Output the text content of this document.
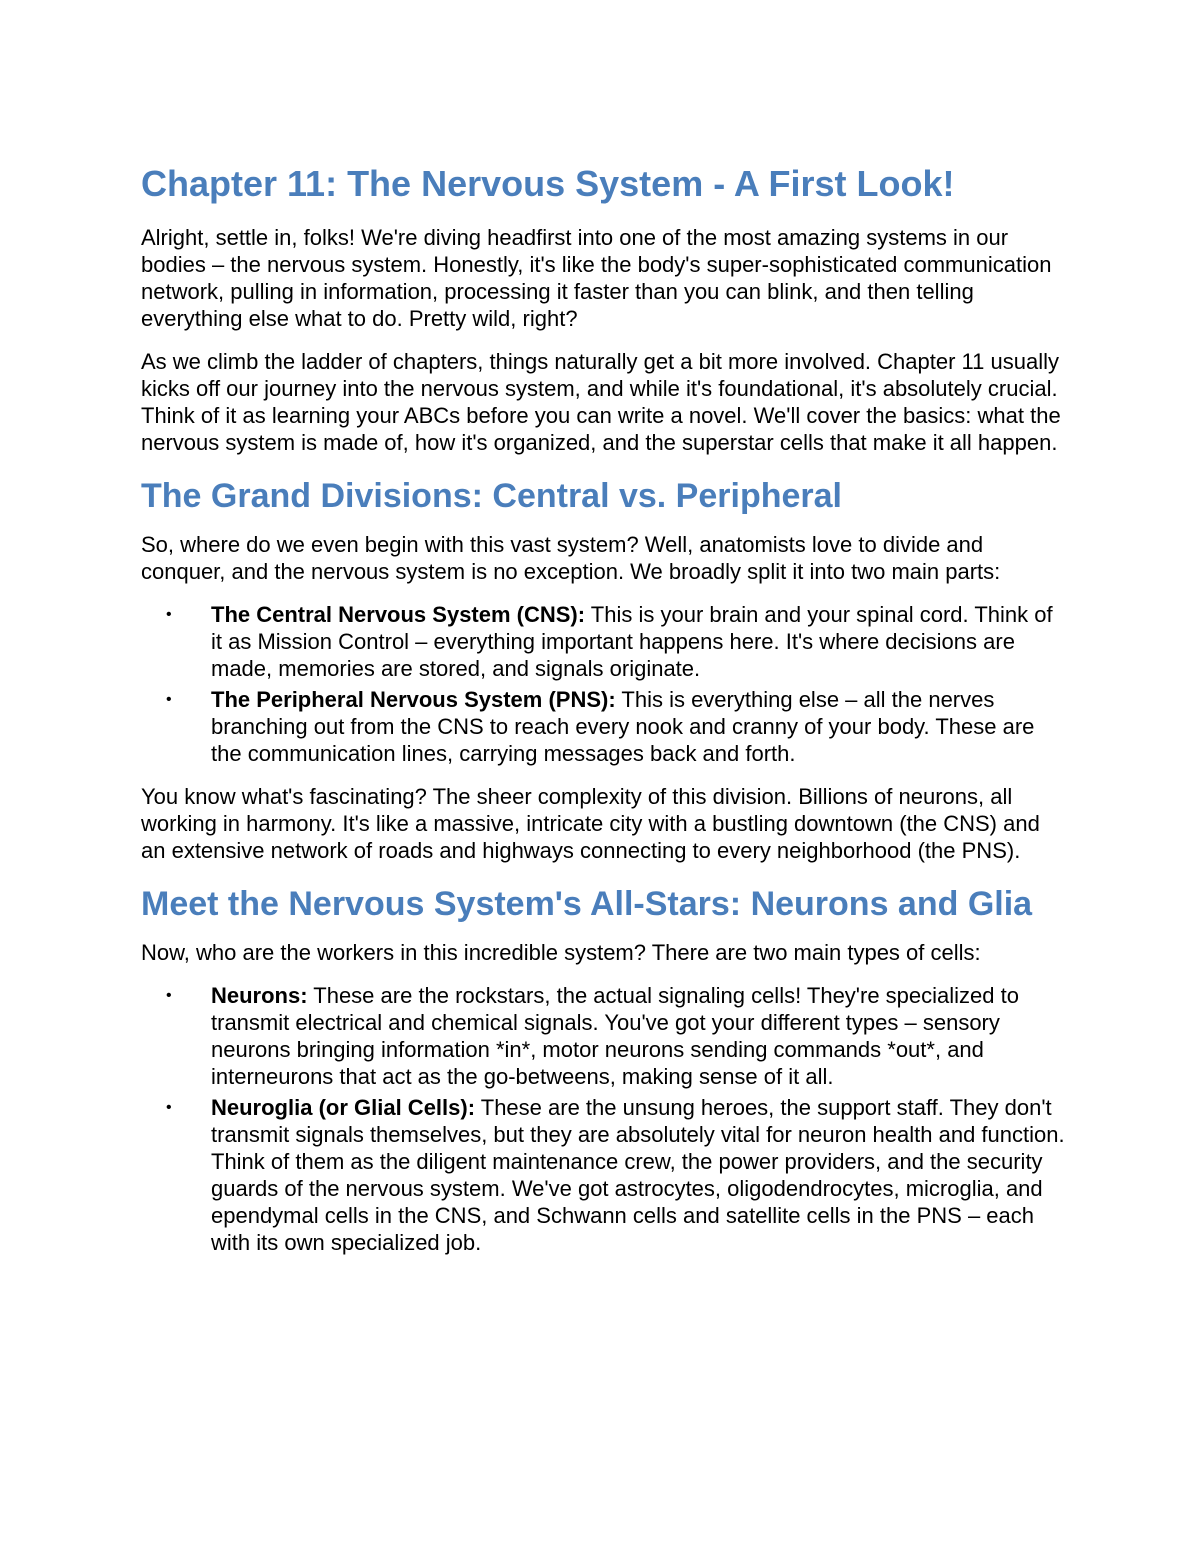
Chapter 11: The Nervous System - A First Look!

Alright, settle in, folks! We're diving headfirst into one of the most amazing systems in our bodies – the nervous system. Honestly, it's like the body's super-sophisticated communication network, pulling in information, processing it faster than you can blink, and then telling everything else what to do. Pretty wild, right?

As we climb the ladder of chapters, things naturally get a bit more involved. Chapter 11 usually kicks off our journey into the nervous system, and while it's foundational, it's absolutely crucial. Think of it as learning your ABCs before you can write a novel. We'll cover the basics: what the nervous system is made of, how it's organized, and the superstar cells that make it all happen.

The Grand Divisions: Central vs. Peripheral

So, where do we even begin with this vast system? Well, anatomists love to divide and conquer, and the nervous system is no exception. We broadly split it into two main parts:

• The Central Nervous System (CNS): This is your brain and your spinal cord. Think of it as Mission Control – everything important happens here. It's where decisions are made, memories are stored, and signals originate.
• The Peripheral Nervous System (PNS): This is everything else – all the nerves branching out from the CNS to reach every nook and cranny of your body. These are the communication lines, carrying messages back and forth.

You know what's fascinating? The sheer complexity of this division. Billions of neurons, all working in harmony. It's like a massive, intricate city with a bustling downtown (the CNS) and an extensive network of roads and highways connecting to every neighborhood (the PNS).

Meet the Nervous System's All-Stars: Neurons and Glia

Now, who are the workers in this incredible system? There are two main types of cells:

• Neurons: These are the rockstars, the actual signaling cells! They're specialized to transmit electrical and chemical signals. You've got your different types – sensory neurons bringing information *in*, motor neurons sending commands *out*, and interneurons that act as the go-betweens, making sense of it all.
• Neuroglia (or Glial Cells): These are the unsung heroes, the support staff. They don't transmit signals themselves, but they are absolutely vital for neuron health and function. Think of them as the diligent maintenance crew, the power providers, and the security guards of the nervous system. We've got astrocytes, oligodendrocytes, microglia, and ependymal cells in the CNS, and Schwann cells and satellite cells in the PNS – each with its own specialized job.
